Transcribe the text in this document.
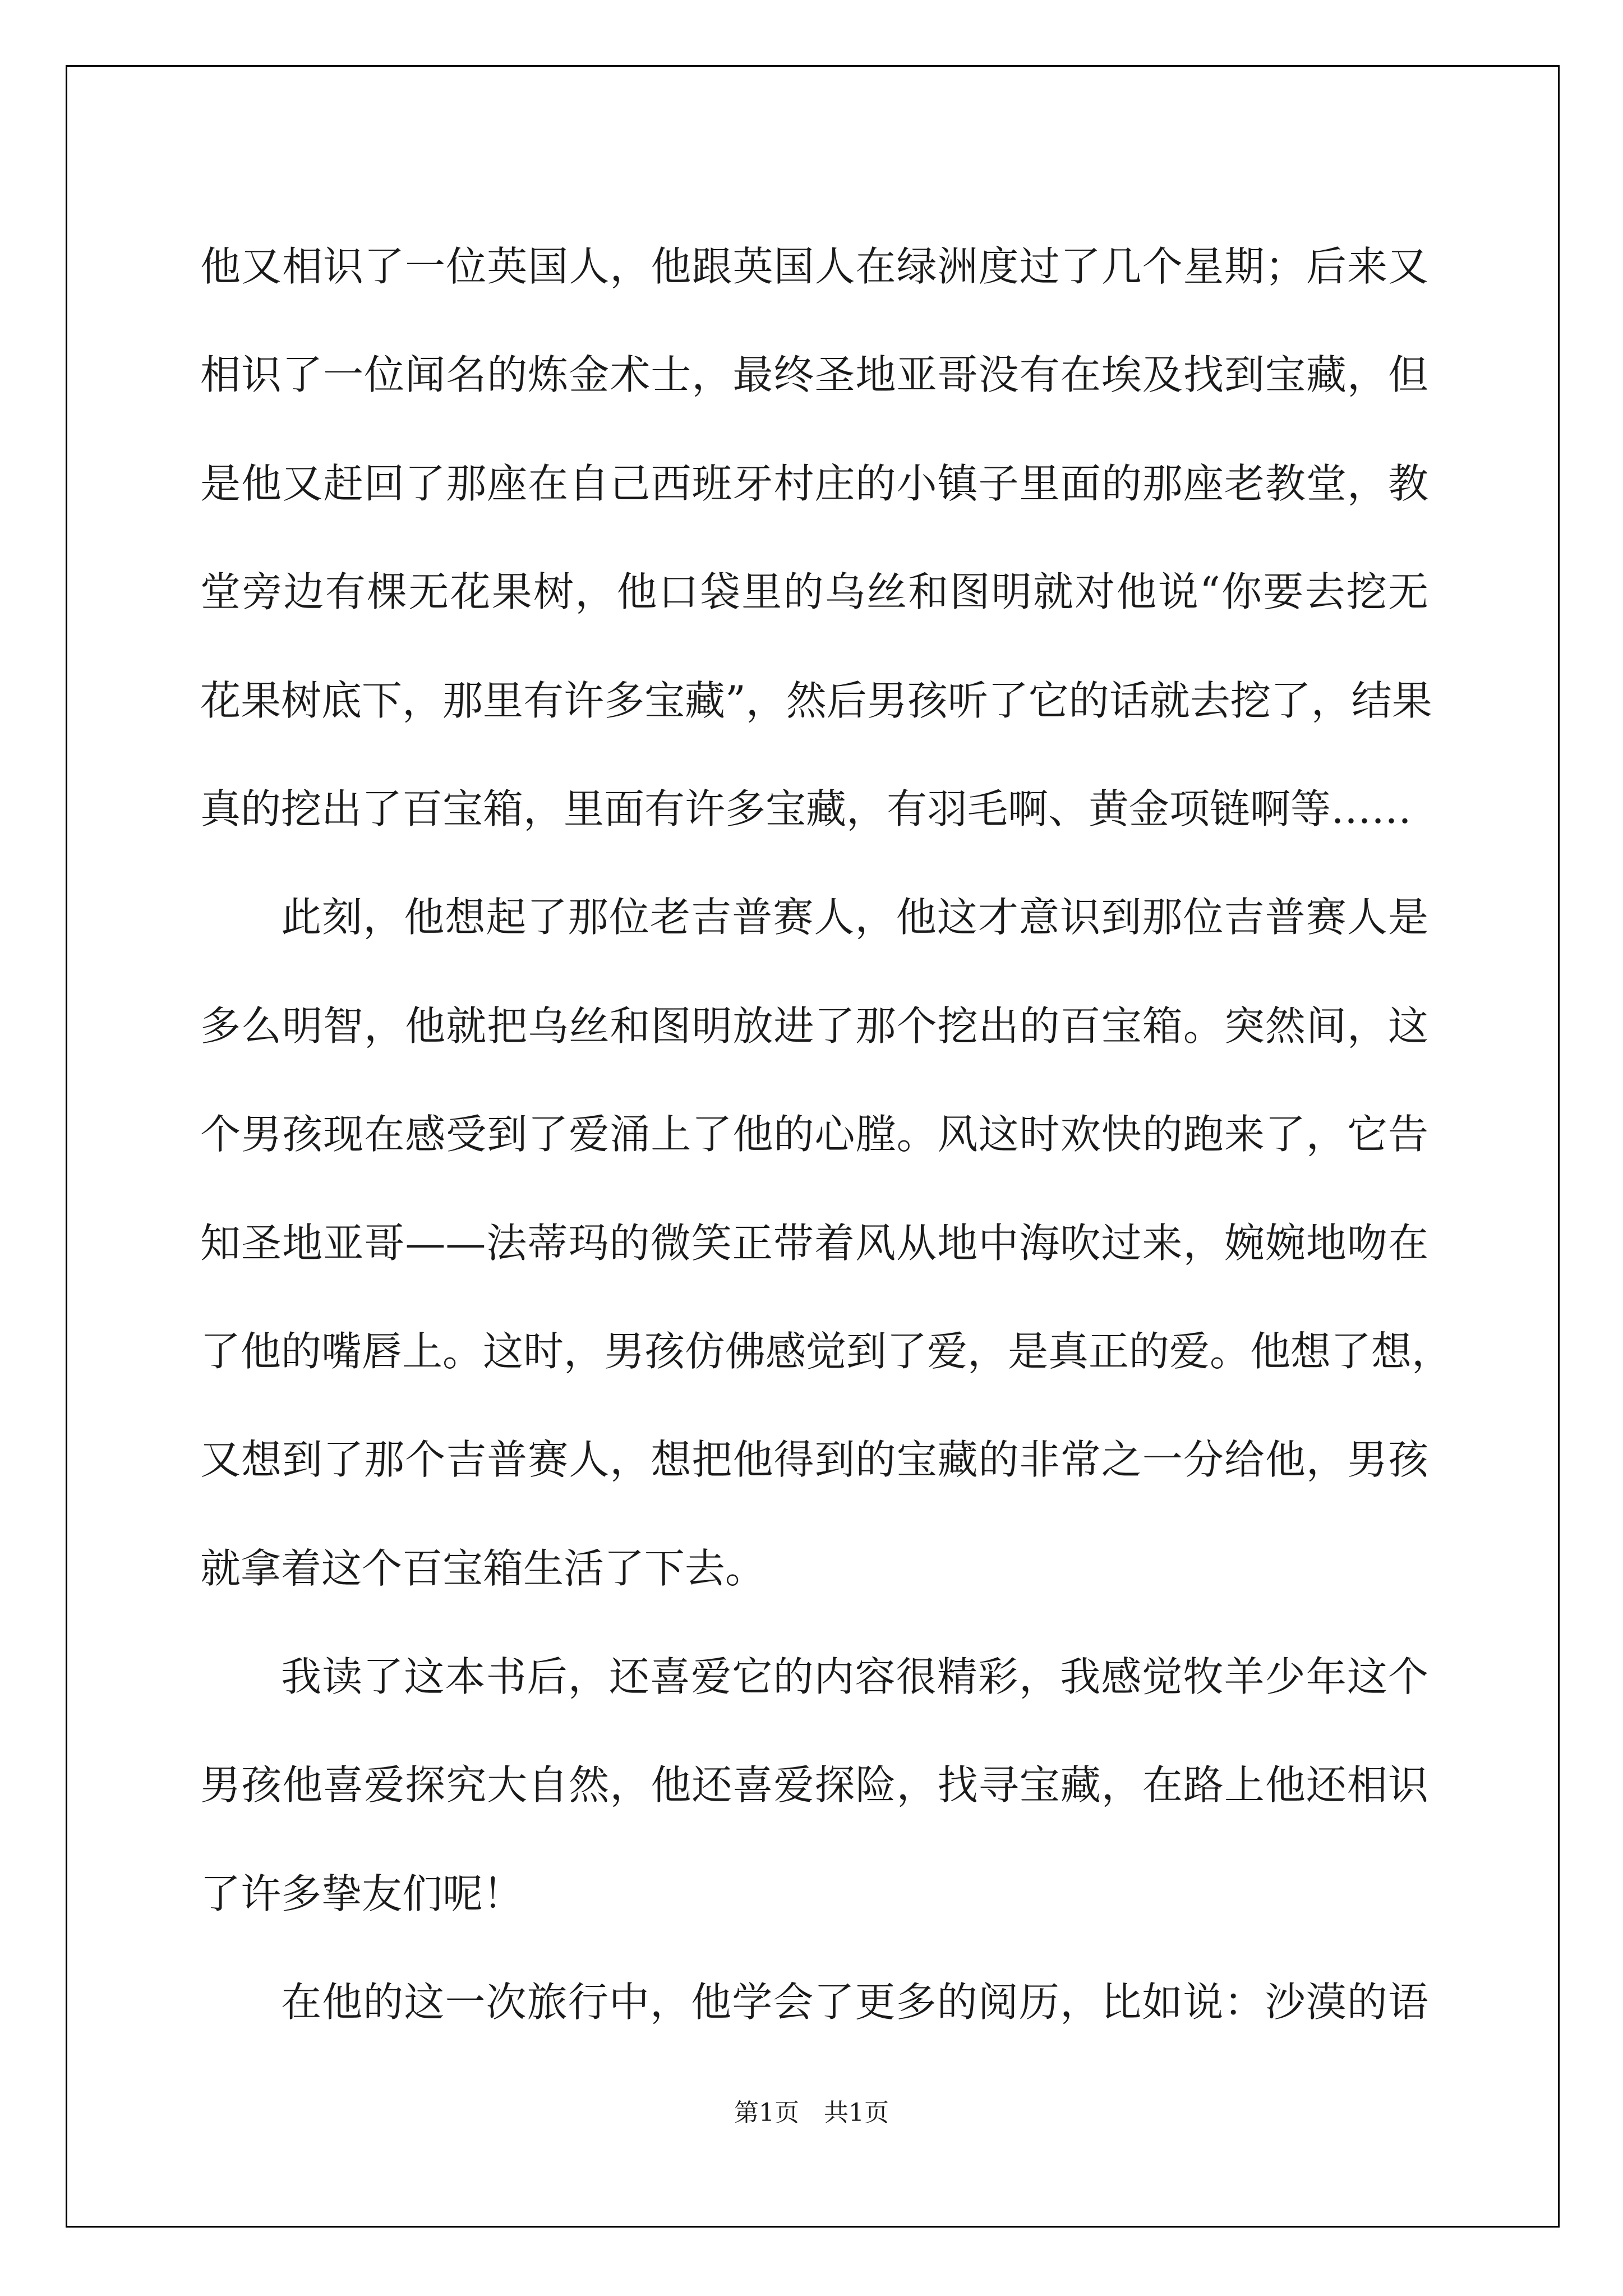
他又相识了一位英国人，他跟英国人在绿洲度过了几个星期；后来又
相识了一位闻名的炼金术士，最终圣地亚哥没有在埃及找到宝藏，但
是他又赶回了那座在自己西班牙村庄的小镇子里面的那座老教堂，教
堂旁边有棵无花果树，他口袋里的乌丝和图明就对他说“你要去挖无
花果树底下，那里有许多宝藏”，然后男孩听了它的话就去挖了，结果
真的挖出了百宝箱，里面有许多宝藏，有羽毛啊、黄金项链啊等……
此刻，他想起了那位老吉普赛人，他这才意识到那位吉普赛人是
多么明智，他就把乌丝和图明放进了那个挖出的百宝箱。突然间，这
个男孩现在感受到了爱涌上了他的心膛。风这时欢快的跑来了，它告
知圣地亚哥——法蒂玛的微笑正带着风从地中海吹过来，婉婉地吻在
了他的嘴唇上。这时，男孩仿佛感觉到了爱，是真正的爱。他想了想，
又想到了那个吉普赛人，想把他得到的宝藏的非常之一分给他，男孩
就拿着这个百宝箱生活了下去。
我读了这本书后，还喜爱它的内容很精彩，我感觉牧羊少年这个
男孩他喜爱探究大自然，他还喜爱探险，找寻宝藏，在路上他还相识
了许多挚友们呢！
在他的这一次旅行中，他学会了更多的阅历，比如说：沙漠的语
第1页　共1页
